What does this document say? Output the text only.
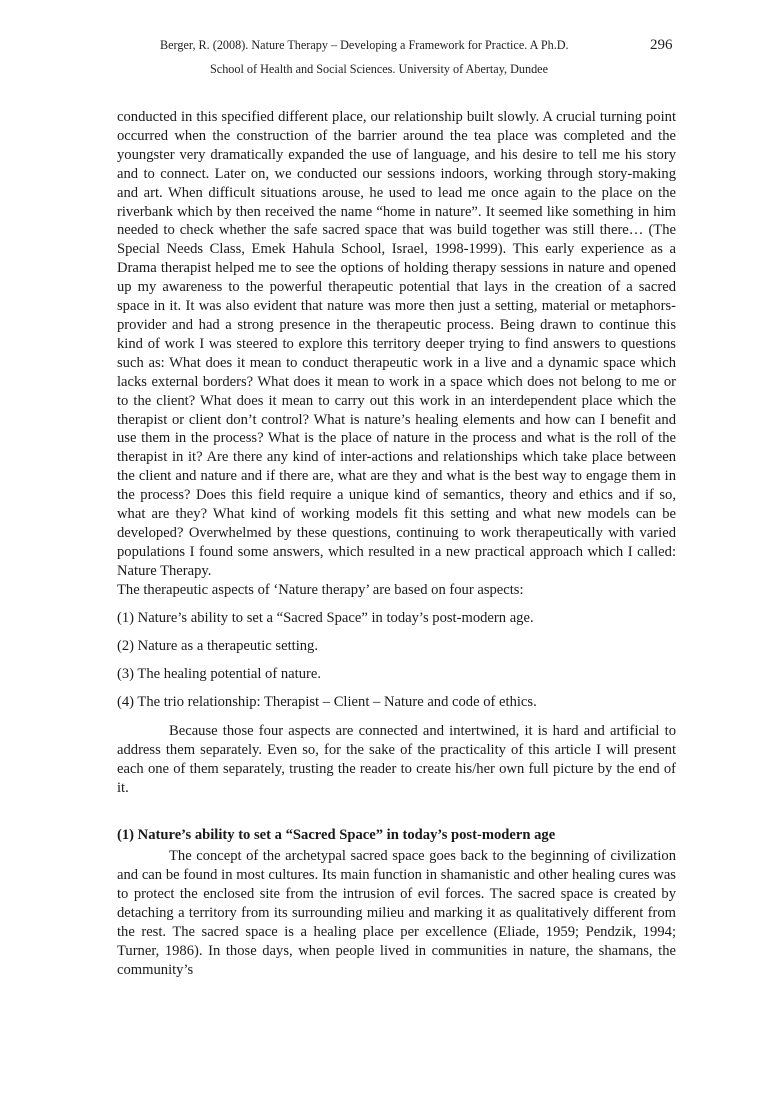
Berger, R. (2008). Nature Therapy – Developing a Framework for Practice. A Ph.D.	296
School of Health and Social Sciences. University of Abertay, Dundee

conducted in this specified different place, our relationship built slowly. A crucial turning point occurred when the construction of the barrier around the tea place was completed and the youngster very dramatically expanded the use of language, and his desire to tell me his story and to connect. Later on, we conducted our sessions indoors, working through story-making and art. When difficult situations arouse, he used to lead me once again to the place on the riverbank which by then received the name “home in nature”. It seemed like something in him needed to check whether the safe sacred space that was build together was still there… (The Special Needs Class, Emek Hahula School, Israel, 1998-1999). This early experience as a Drama therapist helped me to see the options of holding therapy sessions in nature and opened up my awareness to the powerful therapeutic potential that lays in the creation of a sacred space in it. It was also evident that nature was more then just a setting, material or metaphors- provider and had a strong presence in the therapeutic process. Being drawn to continue this kind of work I was steered to explore this territory deeper trying to find answers to questions such as: What does it mean to conduct therapeutic work in a live and a dynamic space which lacks external borders? What does it mean to work in a space which does not belong to me or to the client? What does it mean to carry out this work in an interdependent place which the therapist or client don’t control? What is nature’s healing elements and how can I benefit and use them in the process? What is the place of nature in the process and what is the roll of the therapist in it? Are there any kind of inter-actions and relationships which take place between the client and nature and if there are, what are they and what is the best way to engage them in the process? Does this field require a unique kind of semantics, theory and ethics and if so, what are they? What kind of working models fit this setting and what new models can be developed? Overwhelmed by these questions, continuing to work therapeutically with varied populations I found some answers, which resulted in a new practical approach which I called: Nature Therapy.

The therapeutic aspects of ‘Nature therapy’ are based on four aspects:

(1) Nature’s ability to set a “Sacred Space” in today’s post-modern age.

(2) Nature as a therapeutic setting.

(3) The healing potential of nature.

(4) The trio relationship: Therapist – Client – Nature and code of ethics.

Because those four aspects are connected and intertwined, it is hard and artificial to address them separately. Even so, for the sake of the practicality of this article I will present each one of them separately, trusting the reader to create his/her own full picture by the end of it.

(1) Nature’s ability to set a “Sacred Space” in today’s post-modern age

The concept of the archetypal sacred space goes back to the beginning of civilization and can be found in most cultures. Its main function in shamanistic and other healing cures was to protect the enclosed site from the intrusion of evil forces. The sacred space is created by detaching a territory from its surrounding milieu and marking it as qualitatively different from the rest. The sacred space is a healing place per excellence (Eliade, 1959; Pendzik, 1994; Turner, 1986). In those days, when people lived in communities in nature, the shamans, the community’s
